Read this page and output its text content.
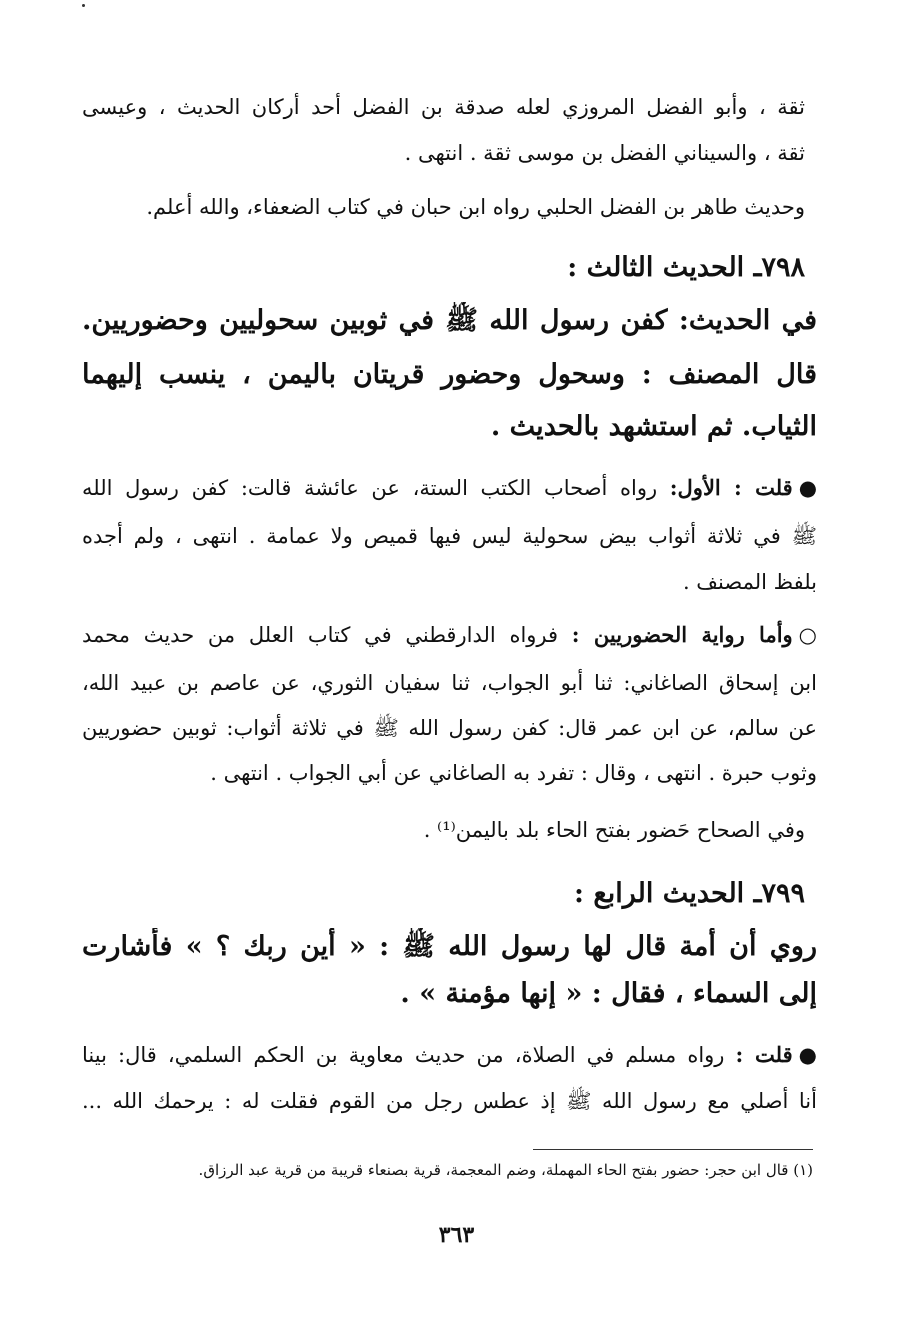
ثقة ، وأبو الفضل المروزي لعله صدقة بن الفضل أحد أركان الحديث ، وعيسى
ثقة ، والسيناني الفضل بن موسى ثقة . انتهى .
وحديث طاهر بن الفضل الحلبي رواه ابن حبان في كتاب الضعفاء، والله أعلم.
٧٩٨ـ الحديث الثالث :
في الحديث: كفن رسول الله ﷺ في ثوبين سحوليين وحضوريين.
قال المصنف : وسحول وحضور قريتان باليمن ، ينسب إليهما
الثياب. ثم استشهد بالحديث .
●قلت : الأول: رواه أصحاب الكتب الستة، عن عائشة قالت: كفن رسول الله
ﷺ في ثلاثة أثواب بيض سحولية ليس فيها قميص ولا عمامة . انتهى ، ولم أجده
بلفظ المصنف .
○وأما رواية الحضوريين : فرواه الدارقطني في كتاب العلل من حديث محمد
ابن إسحاق الصاغاني: ثنا أبو الجواب، ثنا سفيان الثوري، عن عاصم بن عبيد الله،
عن سالم، عن ابن عمر قال: كفن رسول الله ﷺ في ثلاثة أثواب: ثوبين حضوريين
وثوب حبرة . انتهى ، وقال : تفرد به الصاغاني عن أبي الجواب . انتهى .
وفي الصحاح حَضور بفتح الحاء بلد باليمن⁽¹⁾ .
٧٩٩ـ الحديث الرابع :
روي أن أمة قال لها رسول الله ﷺ : « أين ربك ؟ » فأشارت
إلى السماء ، فقال : « إنها مؤمنة » .
●قلت : رواه مسلم في الصلاة، من حديث معاوية بن الحكم السلمي، قال: بينا
أنا أصلي مع رسول الله ﷺ إذ عطس رجل من القوم فقلت له : يرحمك الله ...
(١) قال ابن حجر: حضور بفتح الحاء المهملة، وضم المعجمة، قرية بصنعاء قريبة من قرية عبد الرزاق.
٣٦٣
